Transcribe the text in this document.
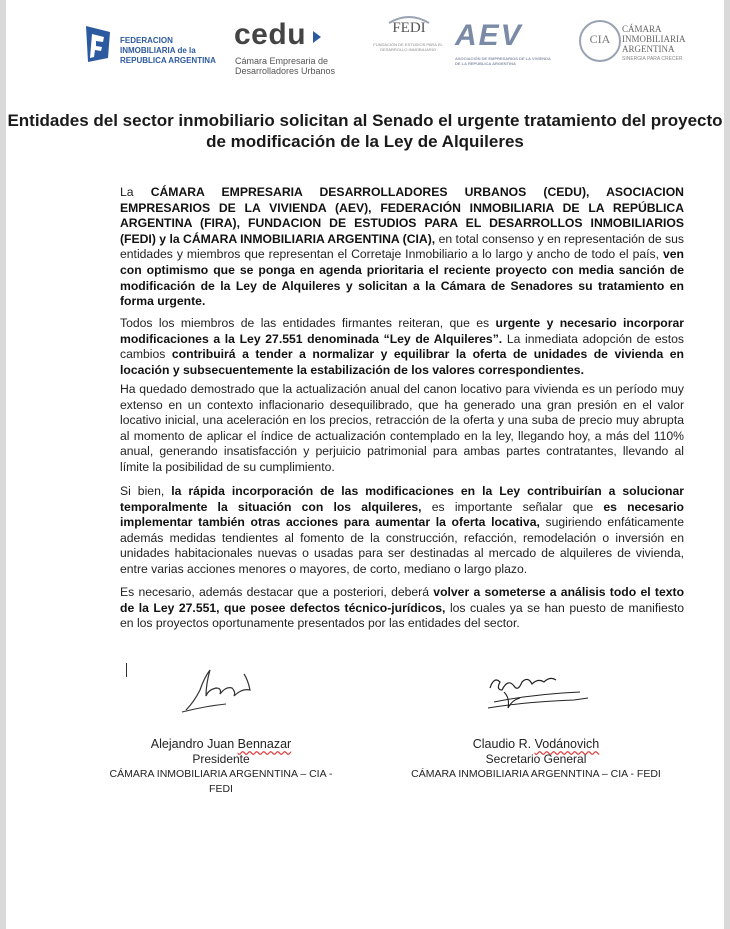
FEDERACION INMOBILIARIA de la REPUBLICA ARGENTINA
cedu
Cámara Empresaria de Desarrolladores Urbanos
FEDI
FUNDACIÓN DE ESTUDIOS PARA EL DESARROLLO INMOBILIARIO AEV
ASOCIACIÓN DE EMPRESARIOS DE LA VIVIENDA DE LA REPÚBLICA ARGENTINA
CIA
CÁMARA INMOBILIARIA ARGENTINA
SINERGIA PARA CRECER
Entidades del sector inmobiliario solicitan al Senado el urgente tratamiento del proyecto de modificación de la Ley de Alquileres
La CÁMARA EMPRESARIA DESARROLLADORES URBANOS (CEDU), ASOCIACION EMPRESARIOS DE LA VIVIENDA (AEV), FEDERACIÓN INMOBILIARIA DE LA REPÚBLICA ARGENTINA (FIRA), FUNDACION DE ESTUDIOS PARA EL DESARROLLOS INMOBILIARIOS (FEDI) y la CÁMARA INMOBILIARIA ARGENTINA (CIA), en total consenso y en representación de sus entidades y miembros que representan el Corretaje Inmobiliario a lo largo y ancho de todo el país, ven con optimismo que se ponga en agenda prioritaria el reciente proyecto con media sanción de modificación de la Ley de Alquileres y solicitan a la Cámara de Senadores su tratamiento en forma urgente.
Todos los miembros de las entidades firmantes reiteran, que es urgente y necesario incorporar modificaciones a la Ley 27.551 denominada “Ley de Alquileres”. La inmediata adopción de estos cambios contribuirá a tender a normalizar y equilibrar la oferta de unidades de vivienda en locación y subsecuentemente la estabilización de los valores correspondientes.
Ha quedado demostrado que la actualización anual del canon locativo para vivienda es un período muy extenso en un contexto inflacionario desequilibrado, que ha generado una gran presión en el valor locativo inicial, una aceleración en los precios, retracción de la oferta y una suba de precio muy abrupta al momento de aplicar el índice de actualización contemplado en la ley, llegando hoy, a más del 110% anual, generando insatisfacción y perjuicio patrimonial para ambas partes contratantes, llevando al límite la posibilidad de su cumplimiento.
Si bien, la rápida incorporación de las modificaciones en la Ley contribuirían a solucionar temporalmente la situación con los alquileres, es importante señalar que es necesario implementar también otras acciones para aumentar la oferta locativa, sugiriendo enfáticamente además medidas tendientes al fomento de la construcción, refacción, remodelación o inversión en unidades habitacionales nuevas o usadas para ser destinadas al mercado de alquileres de vivienda, entre varias acciones menores o mayores, de corto, mediano o largo plazo.
Es necesario, además destacar que a posteriori, deberá volver a someterse a análisis todo el texto de la Ley 27.551, que posee defectos técnico-jurídicos, los cuales ya se han puesto de manifiesto en los proyectos oportunamente presentados por las entidades del sector.
Alejandro Juan Bennazar
Presidente
CÁMARA INMOBILIARIA ARGENNTINA – CIA - FEDI
Claudio R. Vodánovich
Secretario General
CÁMARA INMOBILIARIA ARGENNTINA – CIA - FEDI
